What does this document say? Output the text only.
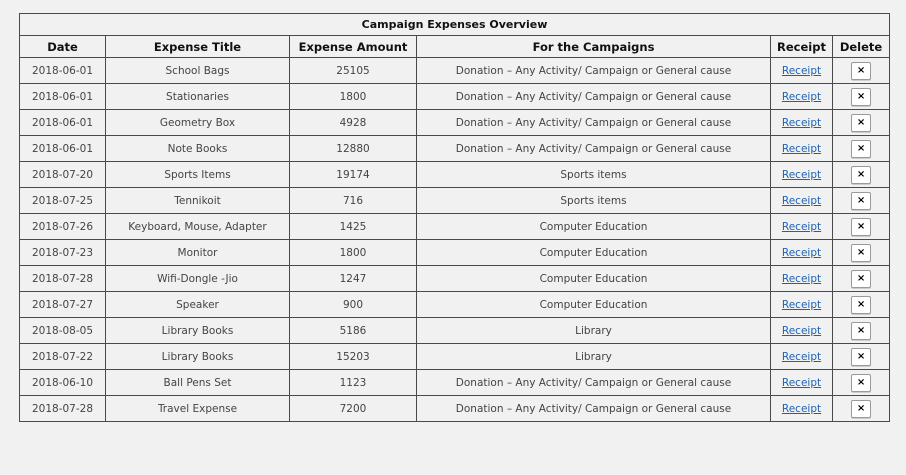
Campaign Expenses Overview					
Date	Expense Title	Expense Amount	For the Campaigns	Receipt	Delete
2018-06-01	School Bags	25105	Donation – Any Activity/ Campaign or General cause	Receipt	×
2018-06-01	Stationaries	1800	Donation – Any Activity/ Campaign or General cause	Receipt	×
2018-06-01	Geometry Box	4928	Donation – Any Activity/ Campaign or General cause	Receipt	×
2018-06-01	Note Books	12880	Donation – Any Activity/ Campaign or General cause	Receipt	×
2018-07-20	Sports Items	19174	Sports items	Receipt	×
2018-07-25	Tennikoit	716	Sports items	Receipt	×
2018-07-26	Keyboard, Mouse, Adapter	1425	Computer Education	Receipt	×
2018-07-23	Monitor	1800	Computer Education	Receipt	×
2018-07-28	Wifi-Dongle -Jio	1247	Computer Education	Receipt	×
2018-07-27	Speaker	900	Computer Education	Receipt	×
2018-08-05	Library Books	5186	Library	Receipt	×
2018-07-22	Library Books	15203	Library	Receipt	×
2018-06-10	Ball Pens Set	1123	Donation – Any Activity/ Campaign or General cause	Receipt	×
2018-07-28	Travel Expense	7200	Donation – Any Activity/ Campaign or General cause	Receipt	×
